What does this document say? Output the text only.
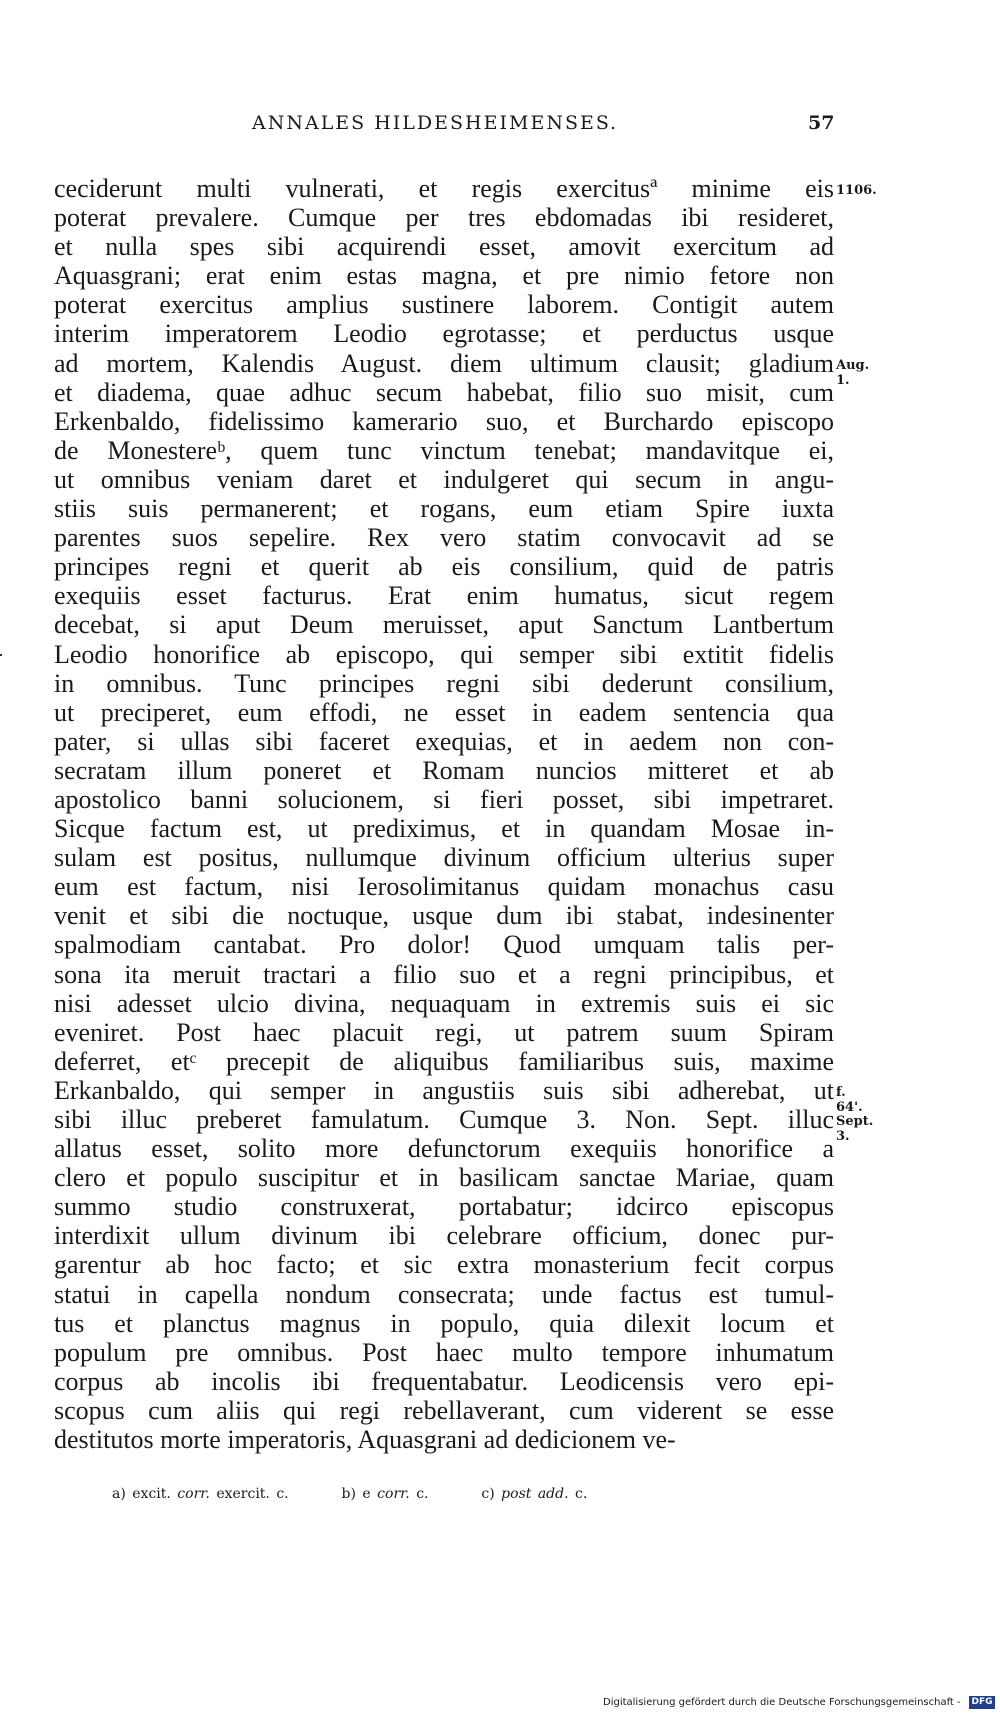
ANNALES HILDESHEIMENSES.	57
ceciderunt multi vulnerati, et regis exercitusª minime eis
poterat prevalere. Cumque per tres ebdomadas ibi resideret,
et nulla spes sibi acquirendi esset, amovit exercitum ad
Aquasgrani; erat enim estas magna, et pre nimio fetore non
poterat exercitus amplius sustinere laborem. Contigit autem
interim imperatorem Leodio egrotasse; et perductus usque
ad mortem, Kalendis August. diem ultimum clausit; gladium
et diadema, quae adhuc secum habebat, filio suo misit, cum
Erkenbaldo, fidelissimo kamerario suo, et Burchardo episcopo
de Monestereᵇ, quem tunc vinctum tenebat; mandavitque ei,
ut omnibus veniam daret et indulgeret qui secum in angu-
stiis suis permanerent; et rogans, eum etiam Spire iuxta
parentes suos sepelire. Rex vero statim convocavit ad se
principes regni et querit ab eis consilium, quid de patris
exequiis esset facturus. Erat enim humatus, sicut regem
decebat, si aput Deum meruisset, aput Sanctum Lantbertum
Leodio honorifice ab episcopo, qui semper sibi extitit fidelis
in omnibus. Tunc principes regni sibi dederunt consilium,
ut preciperet, eum effodi, ne esset in eadem sentencia qua
pater, si ullas sibi faceret exequias, et in aedem non con-
secratam illum poneret et Romam nuncios mitteret et ab
apostolico banni solucionem, si fieri posset, sibi impetraret.
Sicque factum est, ut prediximus, et in quandam Mosae in-
sulam est positus, nullumque divinum officium ulterius super
eum est factum, nisi Ierosolimitanus quidam monachus casu
venit et sibi die noctuque, usque dum ibi stabat, indesinenter
spalmodiam cantabat. Pro dolor! Quod umquam talis per-
sona ita meruit tractari a filio suo et a regni principibus, et
nisi adesset ulcio divina, nequaquam in extremis suis ei sic
eveniret. Post haec placuit regi, ut patrem suum Spiram
deferret, etᶜ precepit de aliquibus familiaribus suis, maxime
Erkanbaldo, qui semper in angustiis suis sibi adherebat, ut
sibi illuc preberet famulatum. Cumque 3. Non. Sept. illuc
allatus esset, solito more defunctorum exequiis honorifice a
clero et populo suscipitur et in basilicam sanctae Mariae, quam
summo studio construxerat, portabatur; idcirco episcopus
interdixit ullum divinum ibi celebrare officium, donec pur-
garentur ab hoc facto; et sic extra monasterium fecit corpus
statui in capella nondum consecrata; unde factus est tumul-
tus et planctus magnus in populo, quia dilexit locum et
populum pre omnibus. Post haec multo tempore inhumatum
corpus ab incolis ibi frequentabatur. Leodicensis vero epi-
scopus cum aliis qui regi rebellaverant, cum viderent se esse
destitutos morte imperatoris, Aquasgrani ad dedicionem ve-
1106.
Aug. 1.
f. 64'.
Sept. 3.
a) excit. corr. exercit. c.	b) e corr. c.	c) post add. c.
Digitalisierung gefördert durch die Deutsche Forschungsgemeinschaft - DFG
